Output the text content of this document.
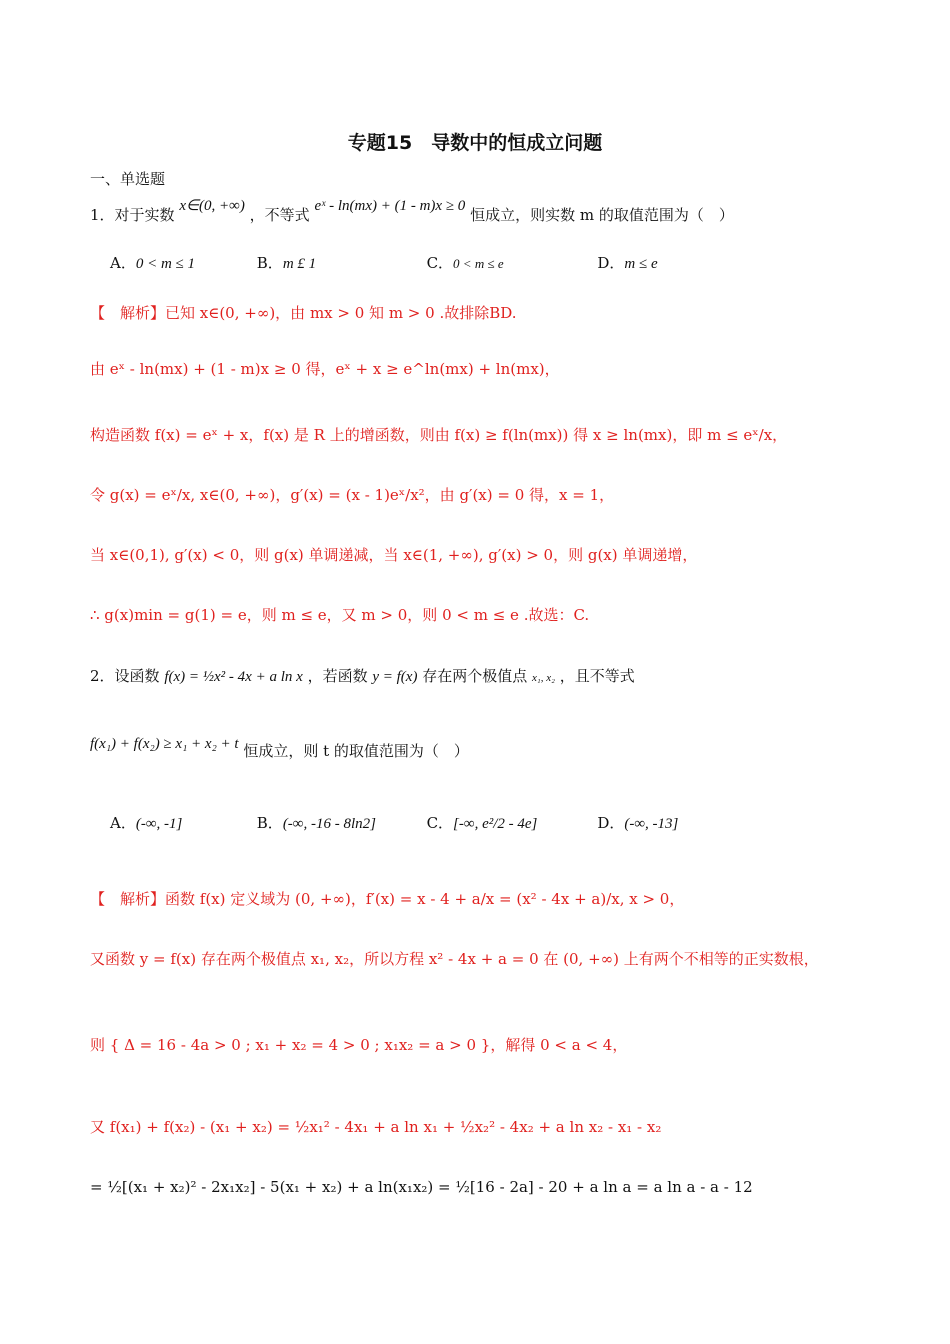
专题15　导数中的恒成立问题
一、单选题
1．对于实数 x∈(0, +∞) ，不等式 eˣ - ln(mx) + (1 - m)x ≥ 0 恒成立，则实数 m 的取值范围为（　）
A．0 < m ≤ 1	B．m £ 1	C．0 < m ≤ e	D．m ≤ e
【　解析】已知 x∈(0, +∞)，由 mx > 0 知 m > 0 .故排除BD.
由 eˣ - ln(mx) + (1 - m)x ≥ 0 得，eˣ + x ≥ e^ln(mx) + ln(mx)，
构造函数 f(x) = eˣ + x，f(x) 是 R 上的增函数，则由 f(x) ≥ f(ln(mx)) 得 x ≥ ln(mx)，即 m ≤ eˣ/x，
令 g(x) = eˣ/x, x∈(0, +∞)，g′(x) = (x - 1)eˣ/x²，由 g′(x) = 0 得，x = 1，
当 x∈(0,1), g′(x) < 0，则 g(x) 单调递减，当 x∈(1, +∞), g′(x) > 0，则 g(x) 单调递增，
∴ g(x)min = g(1) = e，则 m ≤ e，又 m > 0，则 0 < m ≤ e .故选：C.
2．设函数 f(x) = ½x² - 4x + a ln x ，若函数 y = f(x) 存在两个极值点 x₁, x₂ ，且不等式
f(x₁) + f(x₂) ≥ x₁ + x₂ + t 恒成立，则 t 的取值范围为（　）
A．(-∞, -1]	B．(-∞, -16 - 8ln2]	C．[-∞, e²/2 - 4e]	D．(-∞, -13]
【　解析】函数 f(x) 定义域为 (0, +∞)，f′(x) = x - 4 + a/x = (x² - 4x + a)/x, x > 0，
又函数 y = f(x) 存在两个极值点 x₁, x₂，所以方程 x² - 4x + a = 0 在 (0, +∞) 上有两个不相等的正实数根，
则 { Δ = 16 - 4a > 0 ; x₁ + x₂ = 4 > 0 ; x₁x₂ = a > 0 }，解得 0 < a < 4，
又 f(x₁) + f(x₂) - (x₁ + x₂) = ½x₁² - 4x₁ + a ln x₁ + ½x₂² - 4x₂ + a ln x₂ - x₁ - x₂
= ½[(x₁ + x₂)² - 2x₁x₂] - 5(x₁ + x₂) + a ln(x₁x₂) = ½[16 - 2a] - 20 + a ln a = a ln a - a - 12
